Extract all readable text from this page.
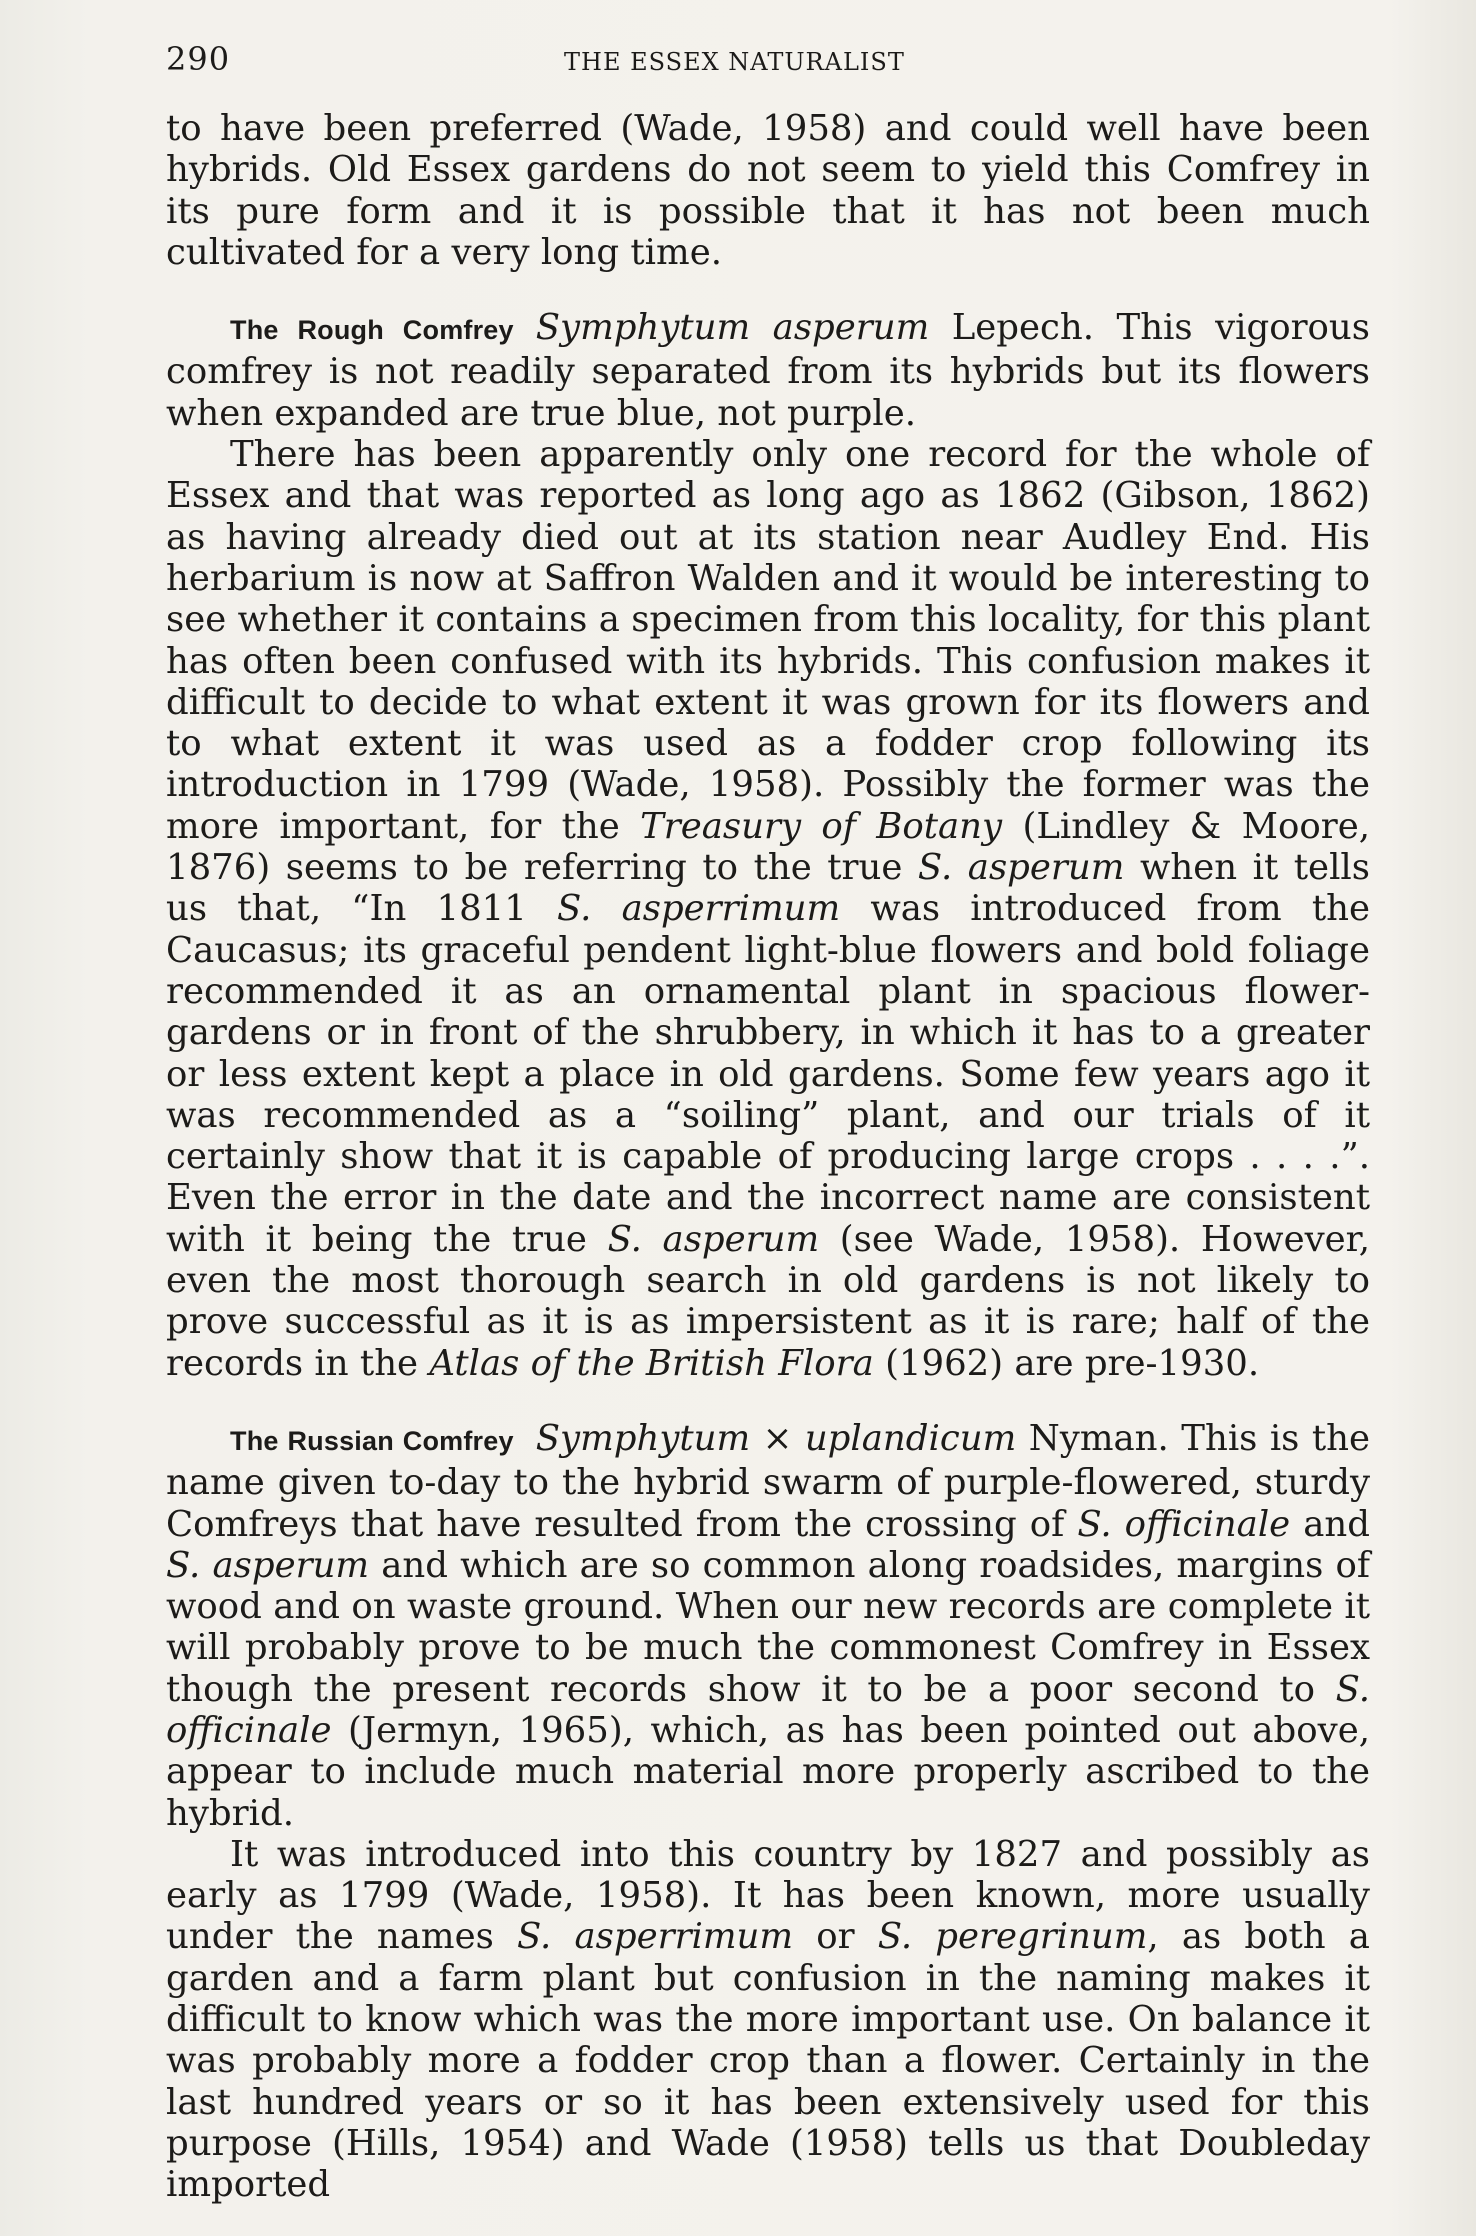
290	THE ESSEX NATURALIST

to have been preferred (Wade, 1958) and could well have been hybrids. Old Essex gardens do not seem to yield this Comfrey in its pure form and it is possible that it has not been much cultivated for a very long time.

The Rough Comfrey Symphytum asperum Lepech. This vigorous comfrey is not readily separated from its hybrids but its flowers when expanded are true blue, not purple.

There has been apparently only one record for the whole of Essex and that was reported as long ago as 1862 (Gibson, 1862) as having already died out at its station near Audley End. His herbarium is now at Saffron Walden and it would be interesting to see whether it contains a specimen from this locality, for this plant has often been confused with its hybrids. This confusion makes it difficult to decide to what extent it was grown for its flowers and to what extent it was used as a fodder crop following its introduction in 1799 (Wade, 1958). Possibly the former was the more important, for the Treasury of Botany (Lindley & Moore, 1876) seems to be referring to the true S. asperum when it tells us that, “In 1811 S. asperrimum was introduced from the Caucasus; its graceful pendent light-blue flowers and bold foliage recommended it as an ornamental plant in spacious flower-gardens or in front of the shrubbery, in which it has to a greater or less extent kept a place in old gardens. Some few years ago it was recommended as a “soiling” plant, and our trials of it certainly show that it is capable of producing large crops . . . .”. Even the error in the date and the incorrect name are consistent with it being the true S. asperum (see Wade, 1958). However, even the most thorough search in old gardens is not likely to prove successful as it is as impersistent as it is rare; half of the records in the Atlas of the British Flora (1962) are pre-1930.

The Russian Comfrey Symphytum × uplandicum Nyman. This is the name given to-day to the hybrid swarm of purple-flowered, sturdy Comfreys that have resulted from the crossing of S. officinale and S. asperum and which are so common along roadsides, margins of wood and on waste ground. When our new records are complete it will probably prove to be much the commonest Comfrey in Essex though the present records show it to be a poor second to S. officinale (Jermyn, 1965), which, as has been pointed out above, appear to include much material more properly ascribed to the hybrid.

It was introduced into this country by 1827 and possibly as early as 1799 (Wade, 1958). It has been known, more usually under the names S. asperrimum or S. peregrinum, as both a garden and a farm plant but confusion in the naming makes it difficult to know which was the more important use. On balance it was probably more a fodder crop than a flower. Certainly in the last hundred years or so it has been extensively used for this purpose (Hills, 1954) and Wade (1958) tells us that Doubleday imported
